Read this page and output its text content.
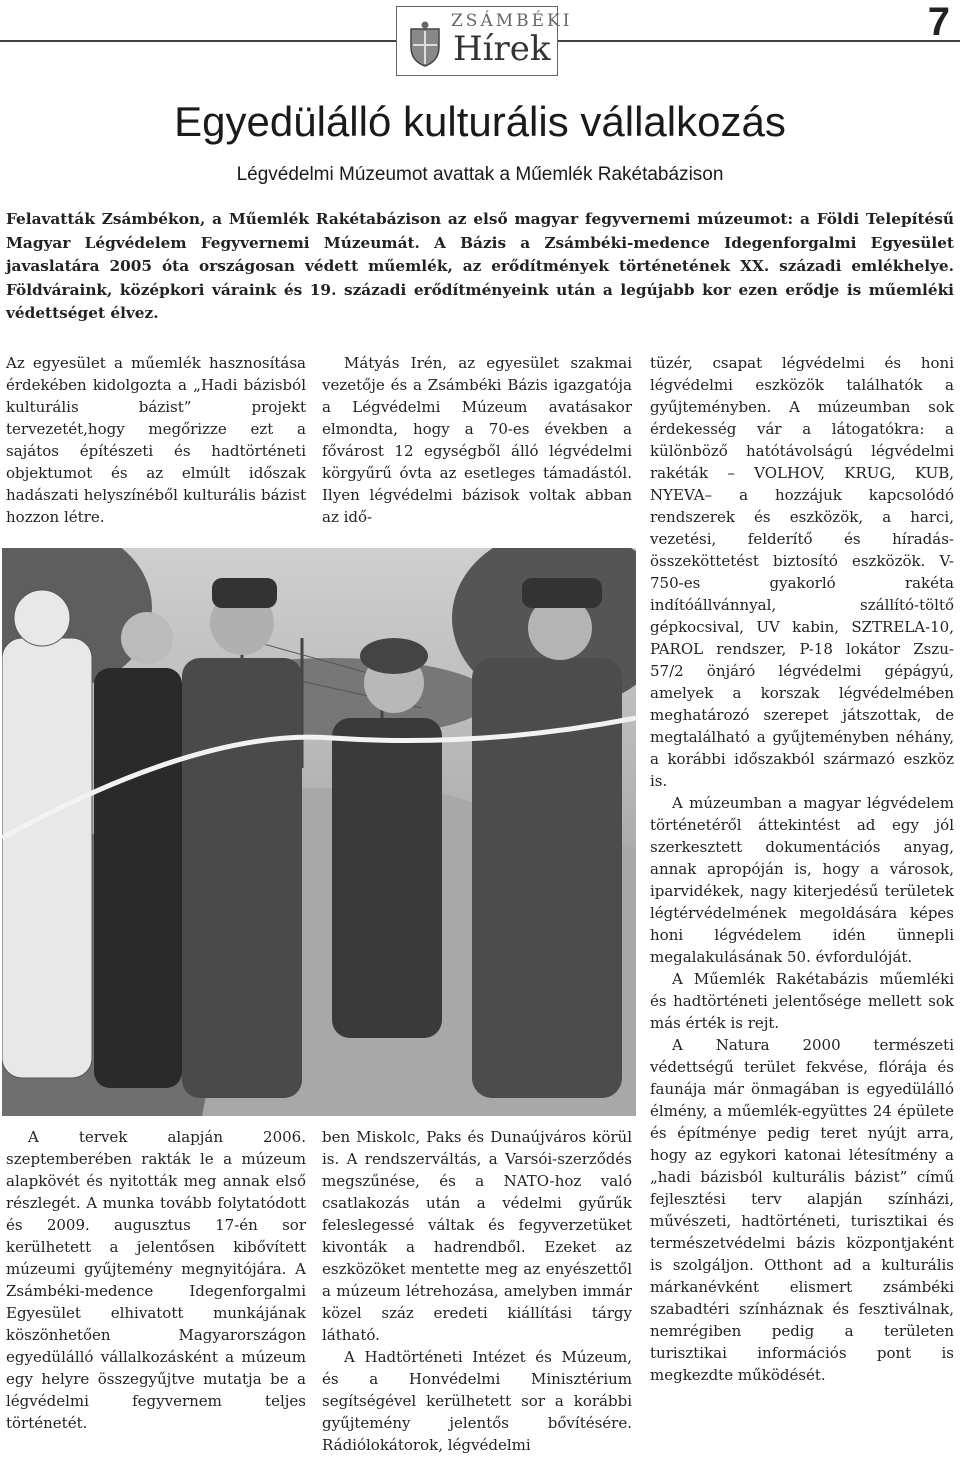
ZSÁMBÉKI
Hírek
7
Egyedülálló kulturális vállalkozás
Légvédelmi Múzeumot avattak a Műemlék Rakétabázison
Felavatták Zsámbékon, a Műemlék Rakétabázison az első magyar fegyvernemi múzeumot: a Földi Telepítésű Magyar Légvédelem Fegyvernemi Múzeumát. A Bázis a Zsámbéki-medence Idegenforgalmi Egyesület javaslatára 2005 óta országosan védett műemlék, az erődítmények történetének XX. századi emlékhelye. Földváraink, középkori váraink és 19. századi erődítményeink után a legújabb kor ezen erődje is műemléki védettséget élvez.

Az egyesület a műemlék hasznosítása érdekében kidolgozta a „Hadi bázisból kulturális bázist” projekt tervezetét,hogy megőrizze ezt a sajátos építészeti és hadtörténeti objektumot és az elmúlt időszak hadászati helyszínéből kulturális bázist hozzon létre.

Mátyás Irén, az egyesület szakmai vezetője és a Zsámbéki Bázis igazgatója a Légvédelmi Múzeum avatásakor elmondta, hogy a 70-es években a fővárost 12 egységből álló légvédelmi körgyűrű óvta az esetleges támadástól. Ilyen légvédelmi bázisok voltak abban az idő-

tüzér, csapat légvédelmi és honi légvédelmi eszközök találhatók a gyűjteményben. A múzeumban sok érdekesség vár a látogatókra: a különböző hatótávolságú légvédelmi rakéták – VOLHOV, KRUG, KUB, NYEVA– a hozzájuk kapcsolódó rendszerek és eszközök, a harci, vezetési, felderítő és híradás-összeköttetést biztosító eszközök. V-750-es gyakorló rakéta indítóállvánnyal, szállító-töltő gépkocsival, UV kabin, SZTRELA-10, PAROL rendszer, P-18 lokátor Zszu-57/2 önjáró légvédelmi gépágyú, amelyek a korszak légvédelmében meghatározó szerepet játszottak, de megtalálható a gyűjteményben néhány, a korábbi időszakból származó eszköz is.

A múzeumban a magyar légvédelem történetéről áttekintést ad egy jól szerkesztett dokumentációs anyag, annak apropóján is, hogy a városok, iparvidékek, nagy kiterjedésű területek légtérvédelmének megoldására képes honi légvédelem idén ünnepli megalakulásának 50. évfordulóját.

A Műemlék Rakétabázis műemléki és hadtörténeti jelentősége mellett sok más érték is rejt.

A Natura 2000 természeti védettségű terület fekvése, flórája és faunája már önmagában is egyedülálló élmény, a műemlék-együttes 24 épülete és építménye pedig teret nyújt arra, hogy az egykori katonai létesítmény a „hadi bázisból kulturális bázist” című fejlesztési terv alapján színházi, művészeti, hadtörténeti, turisztikai és természetvédelmi bázis központjaként is szolgáljon. Otthont ad a kulturális márkanévként elismert zsámbéki szabadtéri színháznak és fesztiválnak, nemrégiben pedig a területen turisztikai információs pont is megkezdte működését.

A tervek alapján 2006. szeptemberében rakták le a múzeum alapkövét és nyitották meg annak első részlegét. A munka tovább folytatódott és 2009. augusztus 17-én sor kerülhetett a jelentősen kibővített múzeumi gyűjtemény megnyitójára. A Zsámbéki-medence Idegenforgalmi Egyesület elhivatott munkájának köszönhetően Magyarországon egyedülálló vállalkozásként a múzeum egy helyre összegyűjtve mutatja be a légvédelmi fegyvernem teljes történetét.

ben Miskolc, Paks és Dunaújváros körül is. A rendszerváltás, a Varsói-szerződés megszűnése, és a NATO-hoz való csatlakozás után a védelmi gyűrűk feleslegessé váltak és fegyverzetüket kivonták a hadrendből. Ezeket az eszközöket mentette meg az enyészettől a múzeum létrehozása, amelyben immár közel száz eredeti kiállítási tárgy látható.

A Hadtörténeti Intézet és Múzeum, és a Honvédelmi Minisztérium segítségével kerülhetett sor a korábbi gyűjtemény jelentős bővítésére. Rádiólokátorok, légvédelmi
